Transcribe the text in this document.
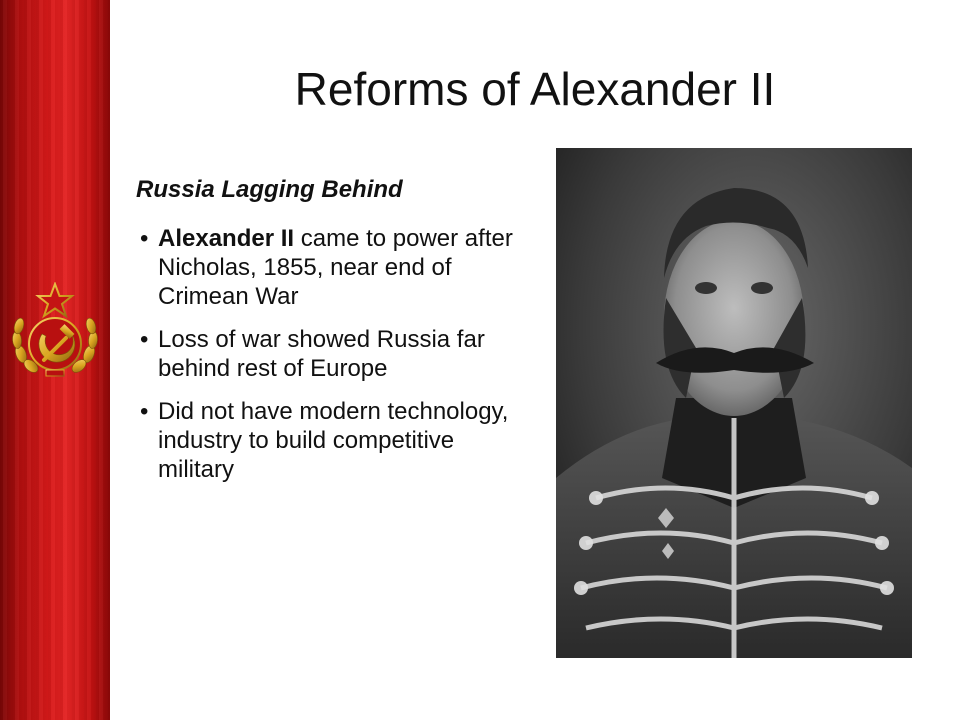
Reforms of Alexander II

Russia Lagging Behind

• Alexander II came to power after Nicholas, 1855, near end of Crimean War
• Loss of war showed Russia far behind rest of Europe
• Did not have modern technology, industry to build competitive military
